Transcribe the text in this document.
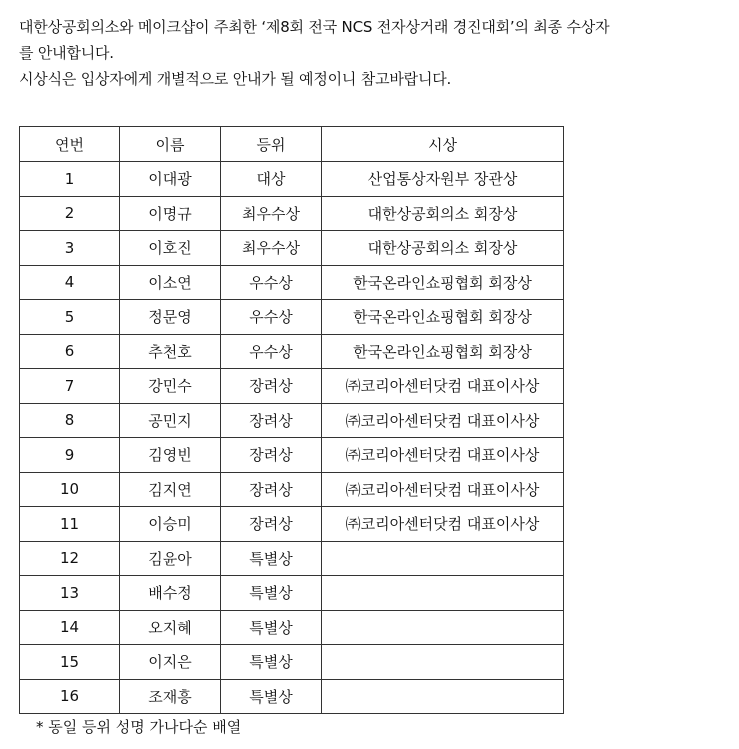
대한상공회의소와 메이크샵이 주최한 ‘제8회 전국 NCS 전자상거래 경진대회’의 최종 수상자

를 안내합니다.

시상식은 입상자에게 개별적으로 안내가 될 예정이니 참고바랍니다.

연번	이름	등위	시상
1	이대광	대상	산업통상자원부 장관상
2	이명규	최우수상	대한상공회의소 회장상
3	이호진	최우수상	대한상공회의소 회장상
4	이소연	우수상	한국온라인쇼핑협회 회장상
5	정문영	우수상	한국온라인쇼핑협회 회장상
6	추천호	우수상	한국온라인쇼핑협회 회장상
7	강민수	장려상	㈜코리아센터닷컴 대표이사상
8	공민지	장려상	㈜코리아센터닷컴 대표이사상
9	김영빈	장려상	㈜코리아센터닷컴 대표이사상
10	김지연	장려상	㈜코리아센터닷컴 대표이사상
11	이승미	장려상	㈜코리아센터닷컴 대표이사상
12	김윤아	특별상	
13	배수정	특별상	
14	오지혜	특별상	
15	이지은	특별상	
16	조재흥	특별상	
* 동일 등위 성명 가나다순 배열
